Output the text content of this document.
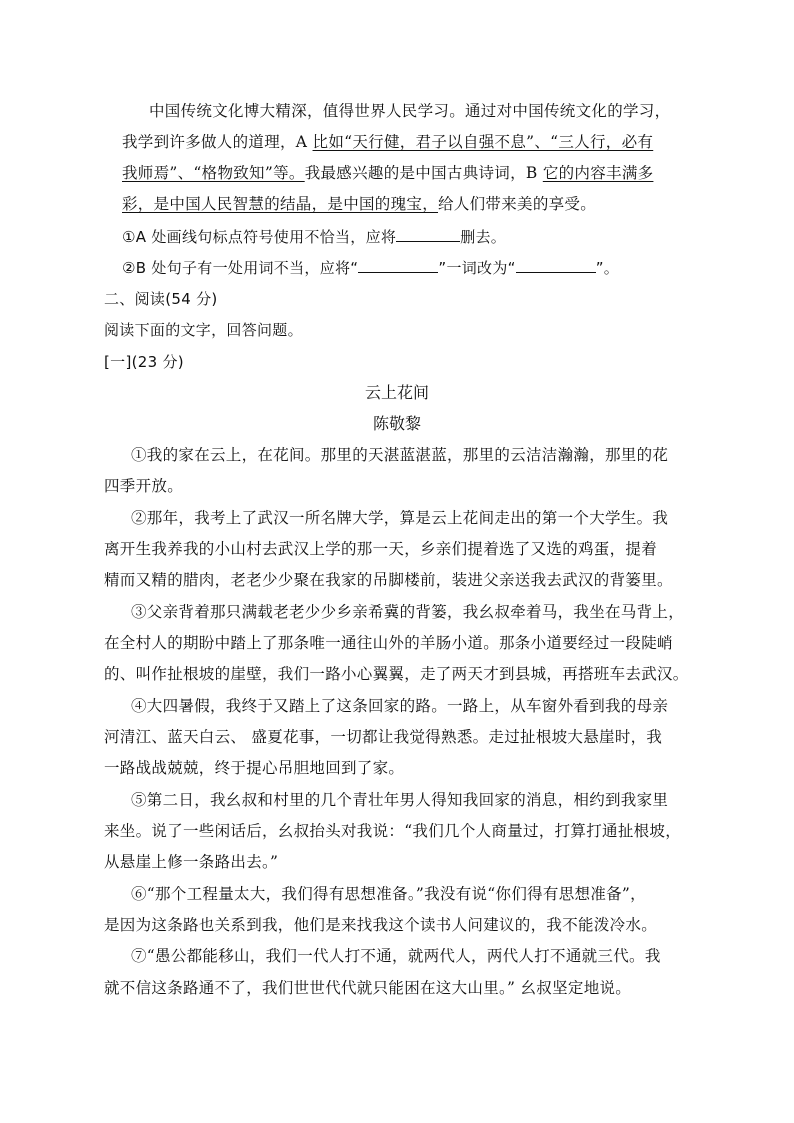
中国传统文化博大精深，值得世界人民学习。通过对中国传统文化的学习，
我学到许多做人的道理，A 比如“天行健，君子以自强不息”、“三人行，必有
我师焉”、“格物致知”等。我最感兴趣的是中国古典诗词，B 它的内容丰满多
彩，是中国人民智慧的结晶，是中国的瑰宝，给人们带来美的享受。
①A 处画线句标点符号使用不恰当，应将	删去。
②B 处句子有一处用词不当，应将“	”一词改为“	”。
二、阅读(54 分)
阅读下面的文字，回答问题。
[一](23 分)
云上花间
陈敬黎
①我的家在云上，在花间。那里的天湛蓝湛蓝，那里的云洁洁瀚瀚，那里的花
四季开放。
②那年，我考上了武汉一所名牌大学，算是云上花间走出的第一个大学生。我
离开生我养我的小山村去武汉上学的那一天，乡亲们提着选了又选的鸡蛋，提着
精而又精的腊肉，老老少少聚在我家的吊脚楼前，装进父亲送我去武汉的背篓里。
③父亲背着那只满载老老少少乡亲希冀的背篓，我幺叔牵着马，我坐在马背上，
在全村人的期盼中踏上了那条唯一通往山外的羊肠小道。那条小道要经过一段陡峭
的、叫作扯根坡的崖壁，我们一路小心翼翼，走了两天才到县城，再搭班车去武汉。
④大四暑假，我终于又踏上了这条回家的路。一路上，从车窗外看到我的母亲
河清江、蓝天白云、 盛夏花事，一切都让我觉得熟悉。走过扯根坡大悬崖时，我
一路战战兢兢，终于提心吊胆地回到了家。
⑤第二日，我幺叔和村里的几个青壮年男人得知我回家的消息，相约到我家里
来坐。说了一些闲话后，幺叔抬头对我说：“我们几个人商量过，打算打通扯根坡，
从悬崖上修一条路出去。”
⑥“那个工程量太大，我们得有思想准备。”我没有说“你们得有思想准备”，
是因为这条路也关系到我，他们是来找我这个读书人问建议的，我不能泼冷水。
⑦“愚公都能移山，我们一代人打不通，就两代人，两代人打不通就三代。我
就不信这条路通不了，我们世世代代就只能困在这大山里。” 幺叔坚定地说。
